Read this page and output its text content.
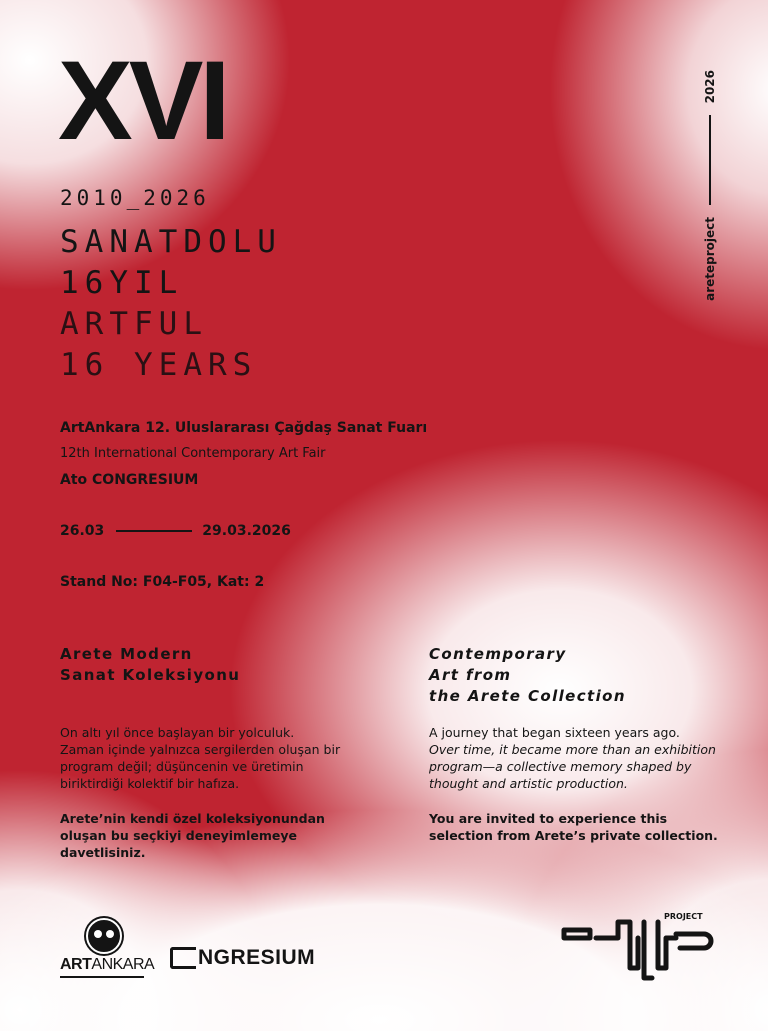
XVI
2010_2026
SANATDOLU
16YIL
ARTFUL
16 YEARS
ArtAnkara 12. Uluslararası Çağdaş Sanat Fuarı
12th International Contemporary Art Fair
Ato CONGRESIUM
26.03	29.03.2026
Stand No: F04-F05, Kat: 2
Arete Modern
Sanat Koleksiyonu
On altı yıl önce başlayan bir yolculuk.
Zaman içinde yalnızca sergilerden oluşan bir program değil; düşüncenin ve üretimin biriktirdiği kolektif bir hafıza.
Arete’nin kendi özel koleksiyonundan oluşan bu seçkiyi deneyimlemeye davetlisiniz.
Contemporary
Art from
the Arete Collection
A journey that began sixteen years ago.
Over time, it became more than an exhibition program—a collective memory shaped by thought and artistic production.
You are invited to experience this selection from Arete’s private collection.
2026
areteproject
ARTANKARA NGRESIUM
PROJECT
